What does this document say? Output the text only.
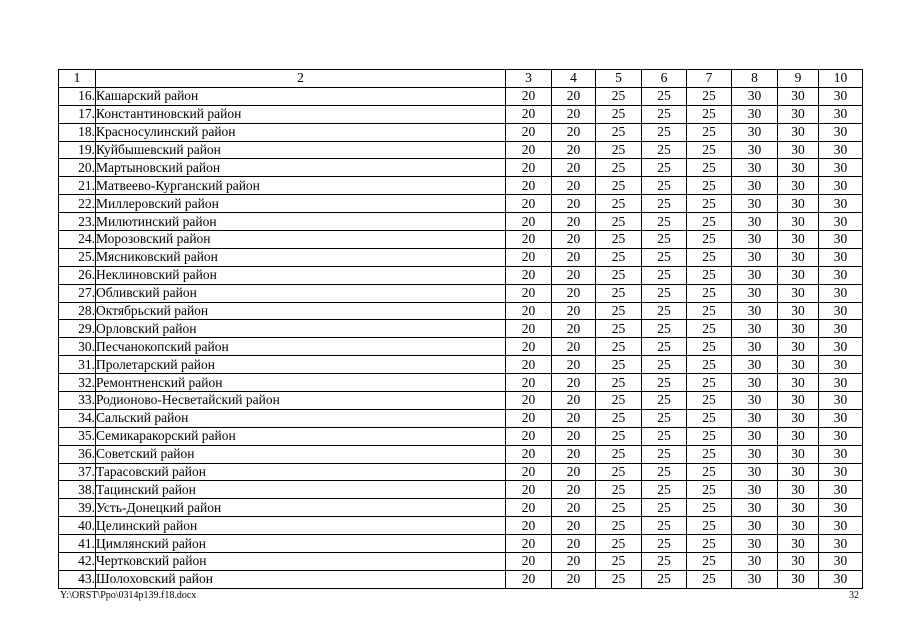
1	2	3	4	5	6	7	8	9	10
16.	Кашарский район	20	20	25	25	25	30	30	30
17.	Константиновский район	20	20	25	25	25	30	30	30
18.	Красносулинский район	20	20	25	25	25	30	30	30
19.	Куйбышевский район	20	20	25	25	25	30	30	30
20.	Мартыновский район	20	20	25	25	25	30	30	30
21.	Матвеево-Курганский район	20	20	25	25	25	30	30	30
22.	Миллеровский район	20	20	25	25	25	30	30	30
23.	Милютинский район	20	20	25	25	25	30	30	30
24.	Морозовский район	20	20	25	25	25	30	30	30
25.	Мясниковский район	20	20	25	25	25	30	30	30
26.	Неклиновский район	20	20	25	25	25	30	30	30
27.	Обливский район	20	20	25	25	25	30	30	30
28.	Октябрьский район	20	20	25	25	25	30	30	30
29.	Орловский район	20	20	25	25	25	30	30	30
30.	Песчанокопский район	20	20	25	25	25	30	30	30
31.	Пролетарский район	20	20	25	25	25	30	30	30
32.	Ремонтненский район	20	20	25	25	25	30	30	30
33.	Родионово-Несветайский район	20	20	25	25	25	30	30	30
34.	Сальский район	20	20	25	25	25	30	30	30
35.	Семикаракорский район	20	20	25	25	25	30	30	30
36.	Советский район	20	20	25	25	25	30	30	30
37.	Тарасовский район	20	20	25	25	25	30	30	30
38.	Тацинский район	20	20	25	25	25	30	30	30
39.	Усть-Донецкий район	20	20	25	25	25	30	30	30
40.	Целинский район	20	20	25	25	25	30	30	30
41.	Цимлянский район	20	20	25	25	25	30	30	30
42.	Чертковский район	20	20	25	25	25	30	30	30
43.	Шолоховский район	20	20	25	25	25	30	30	30
Y:\ORST\Ppo\0314p139.f18.docx	32
